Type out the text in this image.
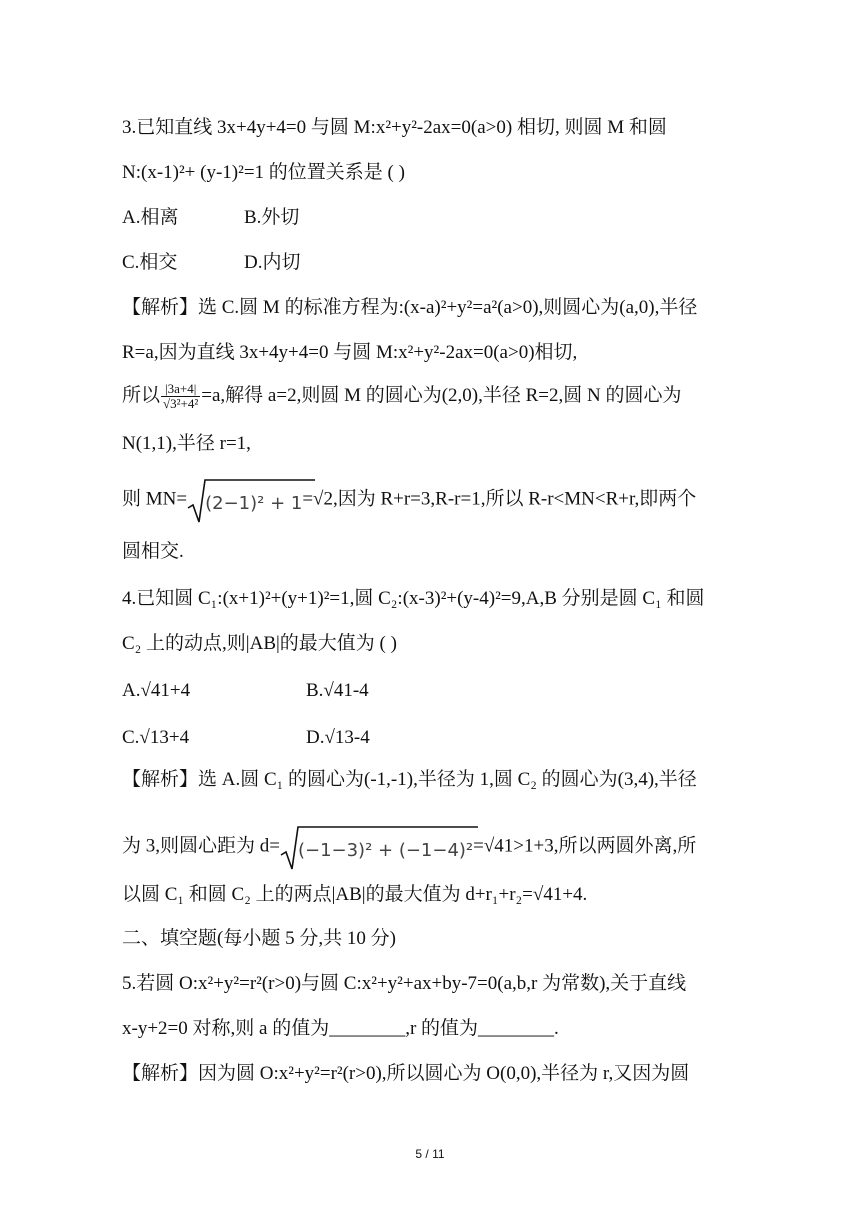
3.已知直线 3x+4y+4=0 与圆 M:x²+y²-2ax=0(a>0) 相切, 则圆 M 和圆
N:(x-1)²+ (y-1)²=1 的位置关系是 ( )
A.相离	B.外切
C.相交	D.内切
【解析】选 C.圆 M 的标准方程为:(x-a)²+y²=a²(a>0),则圆心为(a,0),半径
R=a,因为直线 3x+4y+4=0 与圆 M:x²+y²-2ax=0(a>0)相切,
所以 $\frac{|3a+4|}{\text{√3²+4²}} =a$,解得 a=2,则圆 M 的圆心为(2,0),半径 R=2,圆 N 的圆心为
N(1,1),半径 r=1,
则 MN= (2−1)² + 1=√2,因为 R+r=3,R-r=1,所以 R-r<MN<R+r,即两个
圆相交.
4.已知圆 C₁:(x+1)²+(y+1)²=1,圆 C₂:(x-3)²+(y-4)²=9,A,B 分别是圆 C₁ 和圆
C₂ 上的动点,则|AB|的最大值为 ( )
A.√41+4	B.√41-4
C.√13+4	D.√13-4
【解析】选 A.圆 C₁ 的圆心为(-1,-1),半径为 1,圆 C₂ 的圆心为(3,4),半径
为 3,则圆心距为 d= (−1−3)² + (−1−4)²=√41>1+3,所以两圆外离,所
以圆 C₁ 和圆 C₂ 上的两点|AB|的最大值为 d+r₁+r₂=√41+4.
二、填空题(每小题 5 分,共 10 分)
5.若圆 O:x²+y²=r²(r>0)与圆 C:x²+y²+ax+by-7=0(a,b,r 为常数),关于直线
x-y+2=0 对称,则 a 的值为________,r 的值为________.
【解析】因为圆 O:x²+y²=r²(r>0),所以圆心为 O(0,0),半径为 r,又因为圆
5 / 11
